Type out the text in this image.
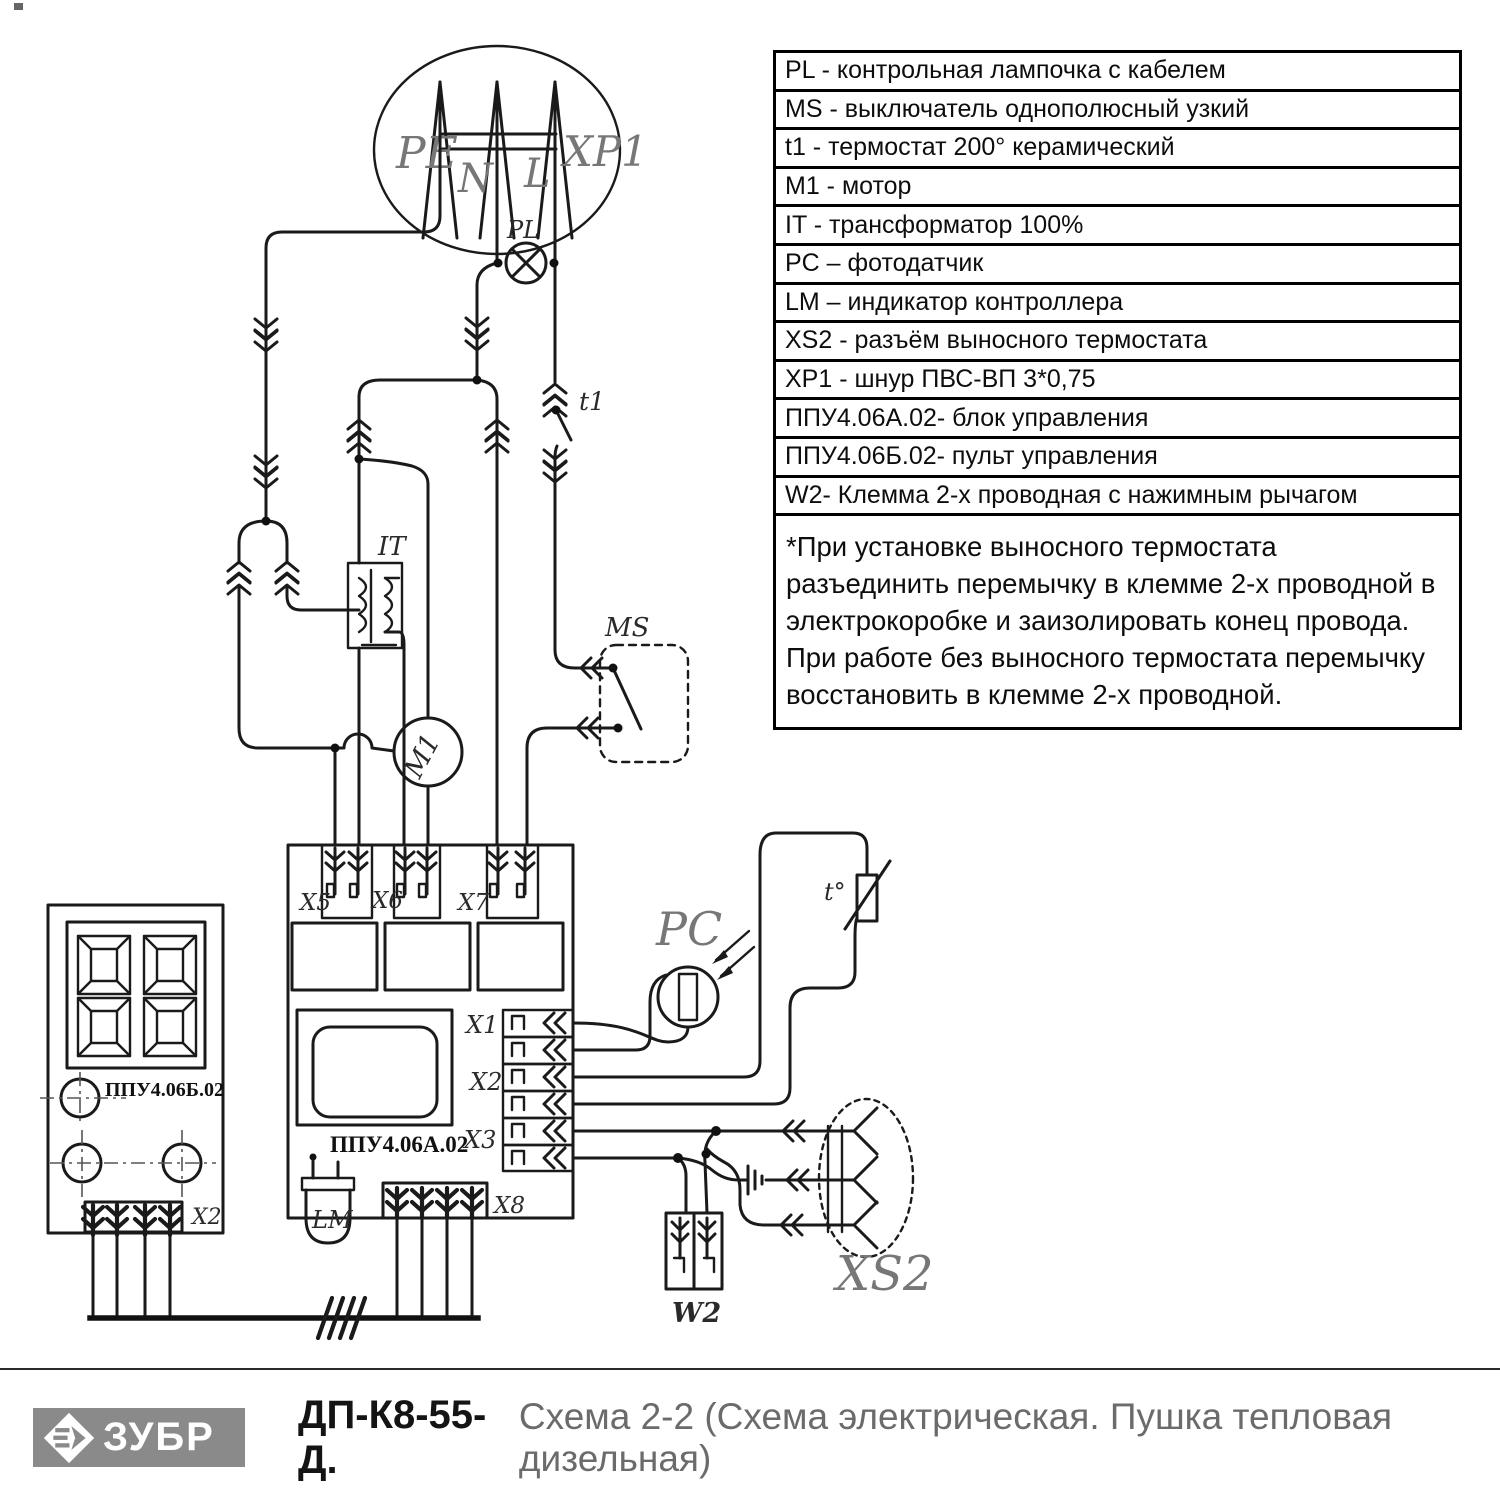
PE N L XP1
PL
t1
MS
IT
М1
X5 X6 X7
ППУ4.06А.02
X1
X2
X3
X8
LM
ППУ4.06Б.02
X2
PC
t°
XS2
W2
PL - контрольная лампочка с кабелем
MS - выключатель однополюсный узкий
t1 - термостат 200° керамический
M1 - мотор
IT - трансформатор 100%
PC – фотодатчик
LM – индикатор контроллера
XS2 - разъём выносного термостата
XP1 - шнур ПВС-ВП 3*0,75
ППУ4.06А.02- блок управления
ППУ4.06Б.02- пульт управления
W2- Клемма 2-х проводная с нажимным рычагом
*При установке выносного термостата разъединить перемычку в клемме 2-х проводной в электрокоробке и заизолировать конец провода. При работе без выносного термостата перемычку восстановить в клемме 2-х проводной.
ЗУБР
ДП-К8-55-Д.
Схема 2-2 (Схема электрическая. Пушка тепловая дизельная)
